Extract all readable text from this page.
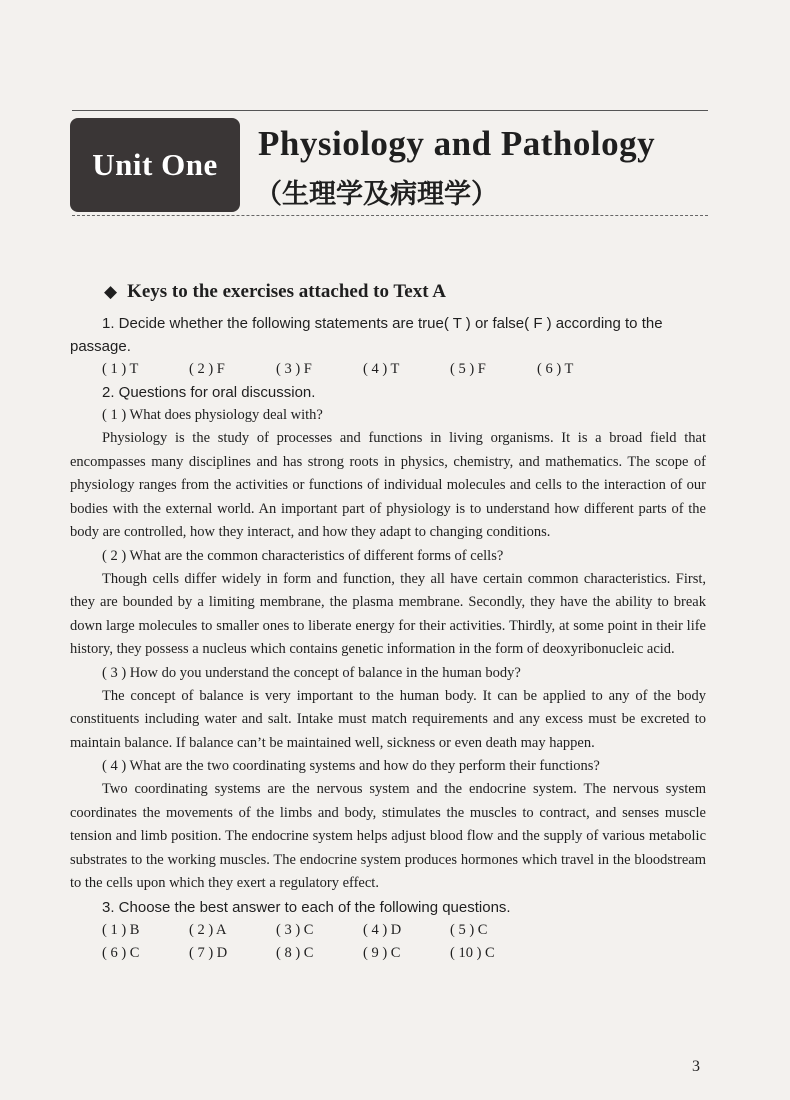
Unit One
Physiology and Pathology
（生理学及病理学）
◆ Keys to the exercises attached to Text A

1. Decide whether the following statements are true( T ) or false( F ) according to the passage.

( 1 ) T	( 2 ) F	( 3 ) F	( 4 ) T	( 5 ) F	( 6 ) T

2. Questions for oral discussion.

( 1 ) What does physiology deal with?

Physiology is the study of processes and functions in living organisms. It is a broad field that encompasses many disciplines and has strong roots in physics, chemistry, and mathematics. The scope of physiology ranges from the activities or functions of individual molecules and cells to the interaction of our bodies with the external world. An important part of physiology is to understand how different parts of the body are controlled, how they interact, and how they adapt to changing conditions.

( 2 ) What are the common characteristics of different forms of cells?

Though cells differ widely in form and function, they all have certain common characteristics. First, they are bounded by a limiting membrane, the plasma membrane. Secondly, they have the ability to break down large molecules to smaller ones to liberate energy for their activities. Thirdly, at some point in their life history, they possess a nucleus which contains genetic information in the form of deoxyribonucleic acid.

( 3 ) How do you understand the concept of balance in the human body?

The concept of balance is very important to the human body. It can be applied to any of the body constituents including water and salt. Intake must match requirements and any excess must be excreted to maintain balance. If balance can’t be maintained well, sickness or even death may happen.

( 4 ) What are the two coordinating systems and how do they perform their functions?

Two coordinating systems are the nervous system and the endocrine system. The nervous system coordinates the movements of the limbs and body, stimulates the muscles to contract, and senses muscle tension and limb position. The endocrine system helps adjust blood flow and the supply of various metabolic substrates to the working muscles. The endocrine system produces hormones which travel in the bloodstream to the cells upon which they exert a regulatory effect.

3. Choose the best answer to each of the following questions.

( 1 ) B	( 2 ) A	( 3 ) C	( 4 ) D	( 5 ) C
( 6 ) C	( 7 ) D	( 8 ) C	( 9 ) C	( 10 ) C
3
